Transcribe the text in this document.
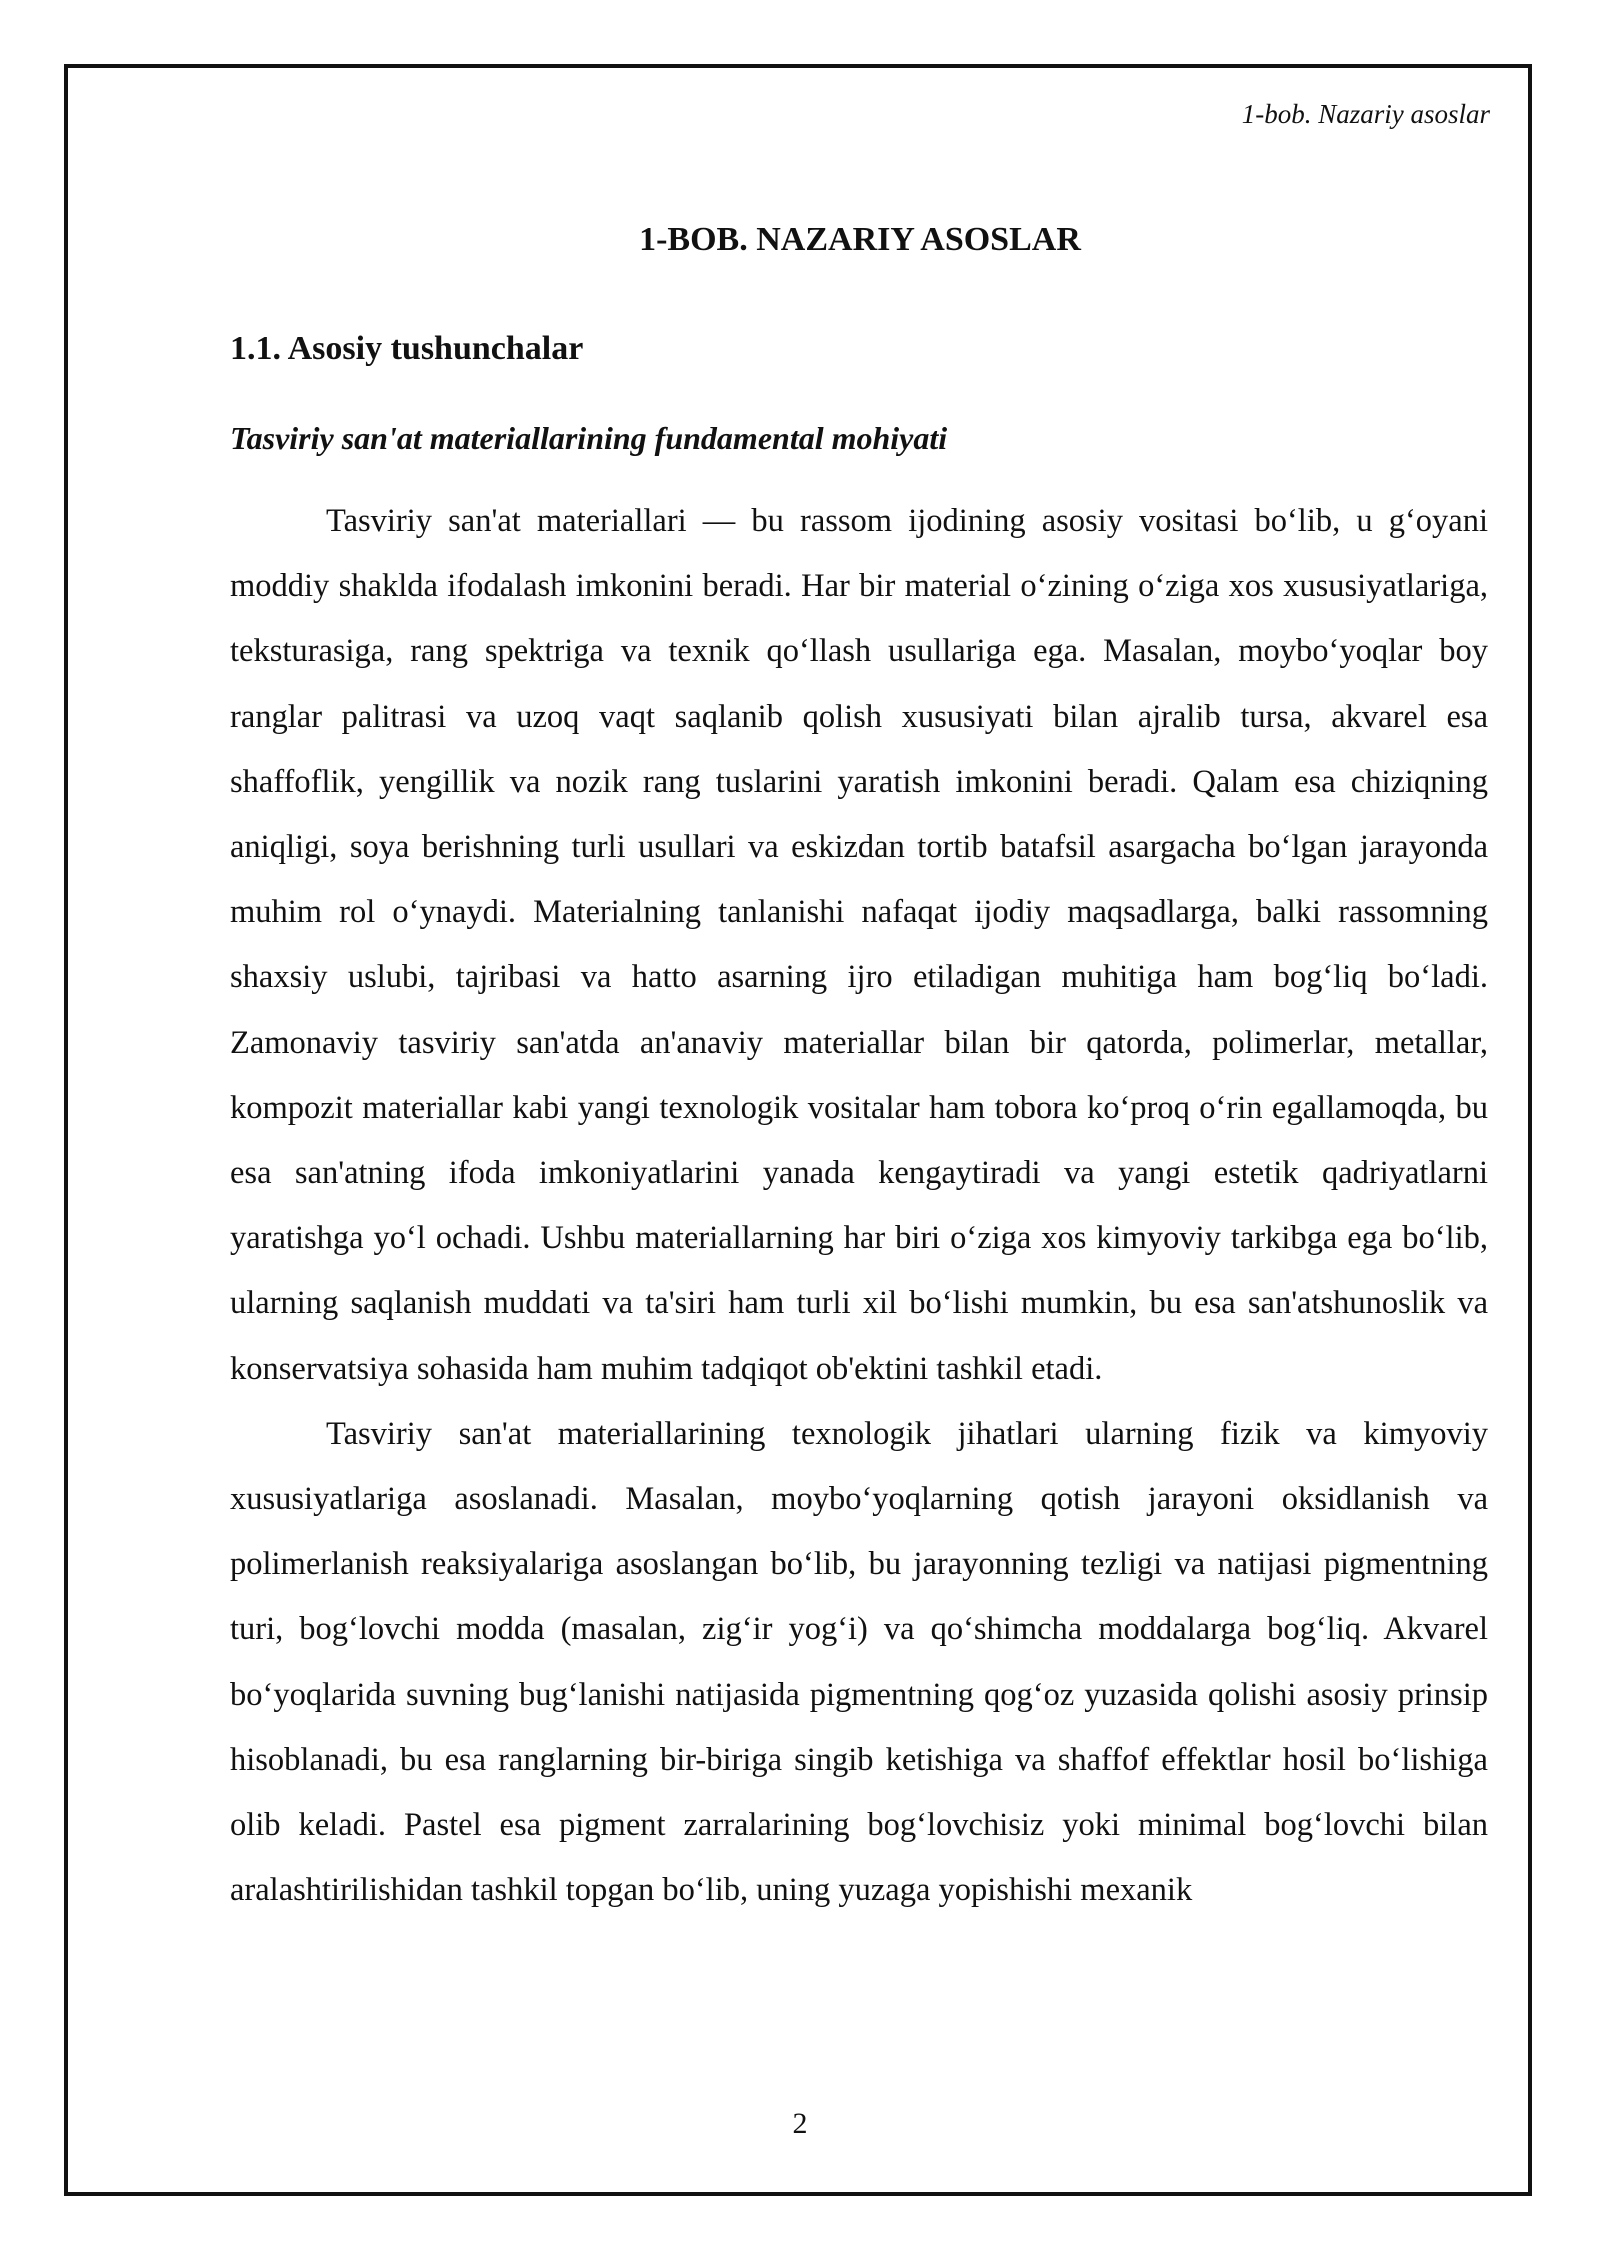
1-bob. Nazariy asoslar
1-BOB. NAZARIY ASOSLAR
1.1. Asosiy tushunchalar
Tasviriy san'at materiallarining fundamental mohiyati

Tasviriy san'at materiallari — bu rassom ijodining asosiy vositasi bo‘lib, u g‘oyani moddiy shaklda ifodalash imkonini beradi. Har bir material o‘zining o‘ziga xos xususiyatlariga, teksturasiga, rang spektriga va texnik qo‘llash usullariga ega. Masalan, moybo‘yoqlar boy ranglar palitrasi va uzoq vaqt saqlanib qolish xususiyati bilan ajralib tursa, akvarel esa shaffoflik, yengillik va nozik rang tuslarini yaratish imkonini beradi. Qalam esa chiziqning aniqligi, soya berishning turli usullari va eskizdan tortib batafsil asargacha bo‘lgan jarayonda muhim rol o‘ynaydi. Materialning tanlanishi nafaqat ijodiy maqsadlarga, balki rassomning shaxsiy uslubi, tajribasi va hatto asarning ijro etiladigan muhitiga ham bog‘liq bo‘ladi. Zamonaviy tasviriy san'atda an'anaviy materiallar bilan bir qatorda, polimerlar, metallar, kompozit materiallar kabi yangi texnologik vositalar ham tobora ko‘proq o‘rin egallamoqda, bu esa san'atning ifoda imkoniyatlarini yanada kengaytiradi va yangi estetik qadriyatlarni yaratishga yo‘l ochadi. Ushbu materiallarning har biri o‘ziga xos kimyoviy tarkibga ega bo‘lib, ularning saqlanish muddati va ta'siri ham turli xil bo‘lishi mumkin, bu esa san'atshunoslik va konservatsiya sohasida ham muhim tadqiqot ob'ektini tashkil etadi.

Tasviriy san'at materiallarining texnologik jihatlari ularning fizik va kimyoviy xususiyatlariga asoslanadi. Masalan, moybo‘yoqlarning qotish jarayoni oksidlanish va polimerlanish reaksiyalariga asoslangan bo‘lib, bu jarayonning tezligi va natijasi pigmentning turi, bog‘lovchi modda (masalan, zig‘ir yog‘i) va qo‘shimcha moddalarga bog‘liq. Akvarel bo‘yoqlarida suvning bug‘lanishi natijasida pigmentning qog‘oz yuzasida qolishi asosiy prinsip hisoblanadi, bu esa ranglarning bir-biriga singib ketishiga va shaffof effektlar hosil bo‘lishiga olib keladi. Pastel esa pigment zarralarining bog‘lovchisiz yoki minimal bog‘lovchi bilan aralashtirilishidan tashkil topgan bo‘lib, uning yuzaga yopishishi mexanik

2
